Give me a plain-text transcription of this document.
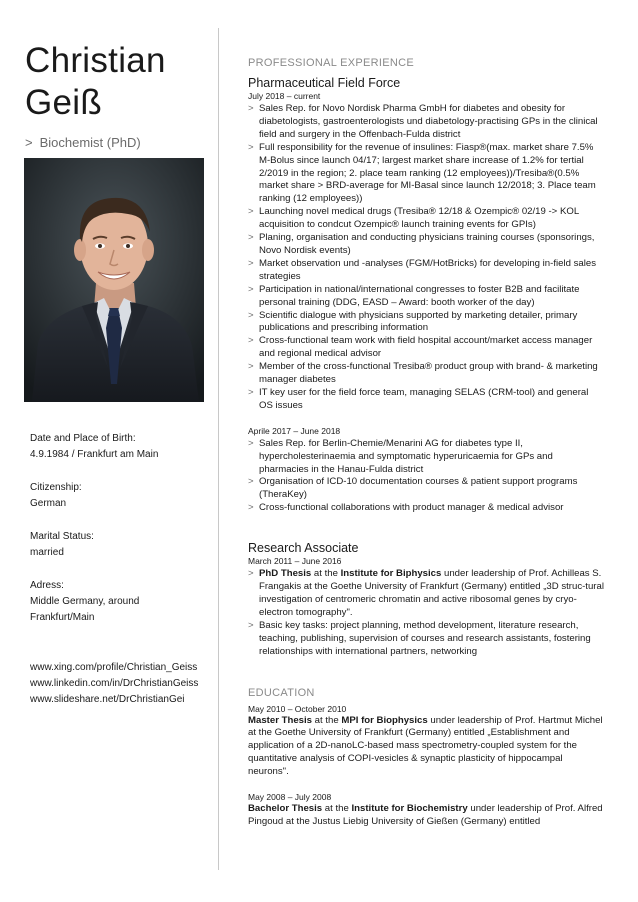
Christian
Geiß
> Biochemist (PhD)
Date and Place of Birth:
4.9.1984 / Frankfurt am Main
Citizenship:
German
Marital Status:
married
Adress:
Middle Germany, around
Frankfurt/Main
www.xing.com/profile/Christian_Geiss
www.linkedin.com/in/DrChristianGeiss
www.slideshare.net/DrChristianGei
PROFESSIONAL EXPERIENCE
Pharmaceutical Field Force
July 2018 – current
> Sales Rep. for Novo Nordisk Pharma GmbH for diabetes and obesity for diabetologists, gastroenterologists und diabetology-practising GPs in the clinical field and surgery in the Offenbach-Fulda district
> Full responsibility for the revenue of insulines: Fiasp®(max. market share 7.5% M-Bolus since launch 04/17; largest market share increase of 1.2% for tertial 2/2019 in the region; 2. place team ranking (12 employees))/Tresiba®(0.5% market share > BRD-average for MI-Basal since launch 12/2018; 3. Place team ranking (12 employees))
> Launching novel medical drugs (Tresiba® 12/18 & Ozempic® 02/19 -> KOL acquisition to condcut Ozempic® launch training events for GPIs)
> Planing, organisation and conducting physicians training courses (sponsorings, Novo Nordisk events)
> Market observation und -analyses (FGM/HotBricks) for developing in-field sales strategies
> Participation in national/international congresses to foster B2B and facilitate personal training (DDG, EASD – Award: booth worker of the day)
> Scientific dialogue with physicians supported by marketing detailer, primary publications and prescribing information
> Cross-functional team work with field hospital account/market access manager and regional medical advisor
> Member of the cross-functional Tresiba® product group with brand- & marketing manager diabetes
> IT key user for the field force team, managing SELAS (CRM-tool) and general OS issues
Aprile 2017 – June 2018
> Sales Rep. for Berlin-Chemie/Menarini AG for diabetes type II, hypercholesterinaemia and symptomatic hyperuricaemia for GPs and pharmacies in the Hanau-Fulda district
> Organisation of ICD-10 documentation courses & patient support programs (TheraKey)
> Cross-functional collaborations with product manager & medical advisor
Research Associate
March 2011 – June 2016
> PhD Thesis at the Institute for Biphysics under leadership of Prof. Achilleas S. Frangakis at the Goethe University of Frankfurt (Germany) entitled „3D struc-tural investigation of centromeric chromatin and active ribosomal genes by cryo-electron tomography".
> Basic key tasks: project planning, method development, literature research, teaching, publishing, supervision of courses and research assistants, fostering relationships with international partners, networking
EDUCATION
May 2010 – October 2010
Master Thesis at the MPI for Biophysics under leadership of Prof. Hartmut Michel at the Goethe University of Frankfurt (Germany) entitled „Establishment and application of a 2D-nanoLC-based mass spectrometry-coupled system for the quantitative analysis of COPI-vesicles & synaptic plasticity of hippocampal neurons".
May 2008 – July 2008
Bachelor Thesis at the Institute for Biochemistry under leadership of Prof. Alfred Pingoud at the Justus Liebig University of Gießen (Germany) entitled
